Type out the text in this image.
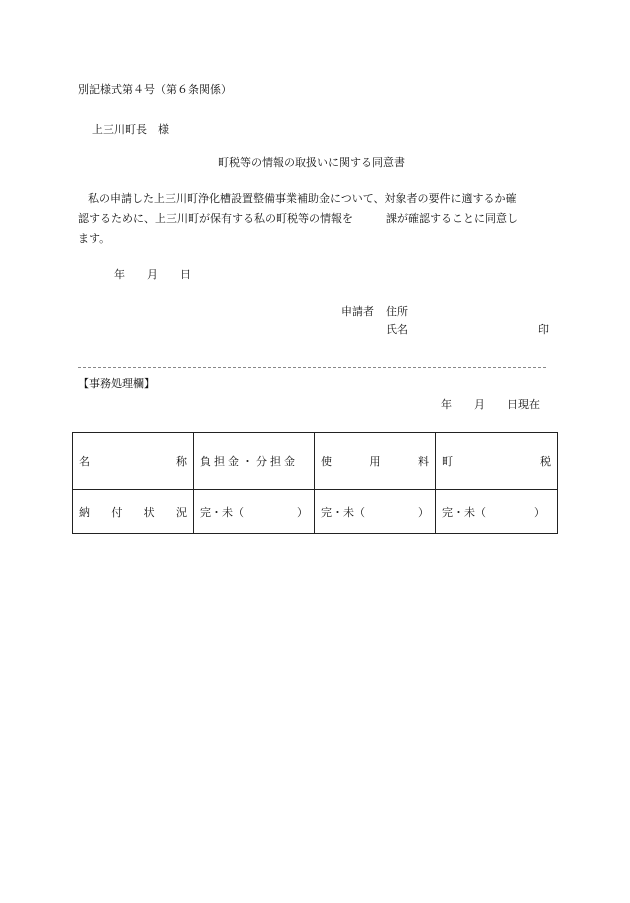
別記様式第４号（第６条関係）
上三川町長　様
町税等の情報の取扱いに関する同意書
私の申請した上三川町浄化槽設置整備事業補助金について、対象者の要件に適するか確
認するために、上三川町が保有する私の町税等の情報を　　　課が確認することに同意し
ます。
年　　月　　日
申請者 住所
氏名	印
【事務処理欄】
年　　月　　日現在
名 称	負担金・分担金	使 用 料	町 税

納 付 状 況	完・未（ ）	完・未（ ）	完・未（ ）
